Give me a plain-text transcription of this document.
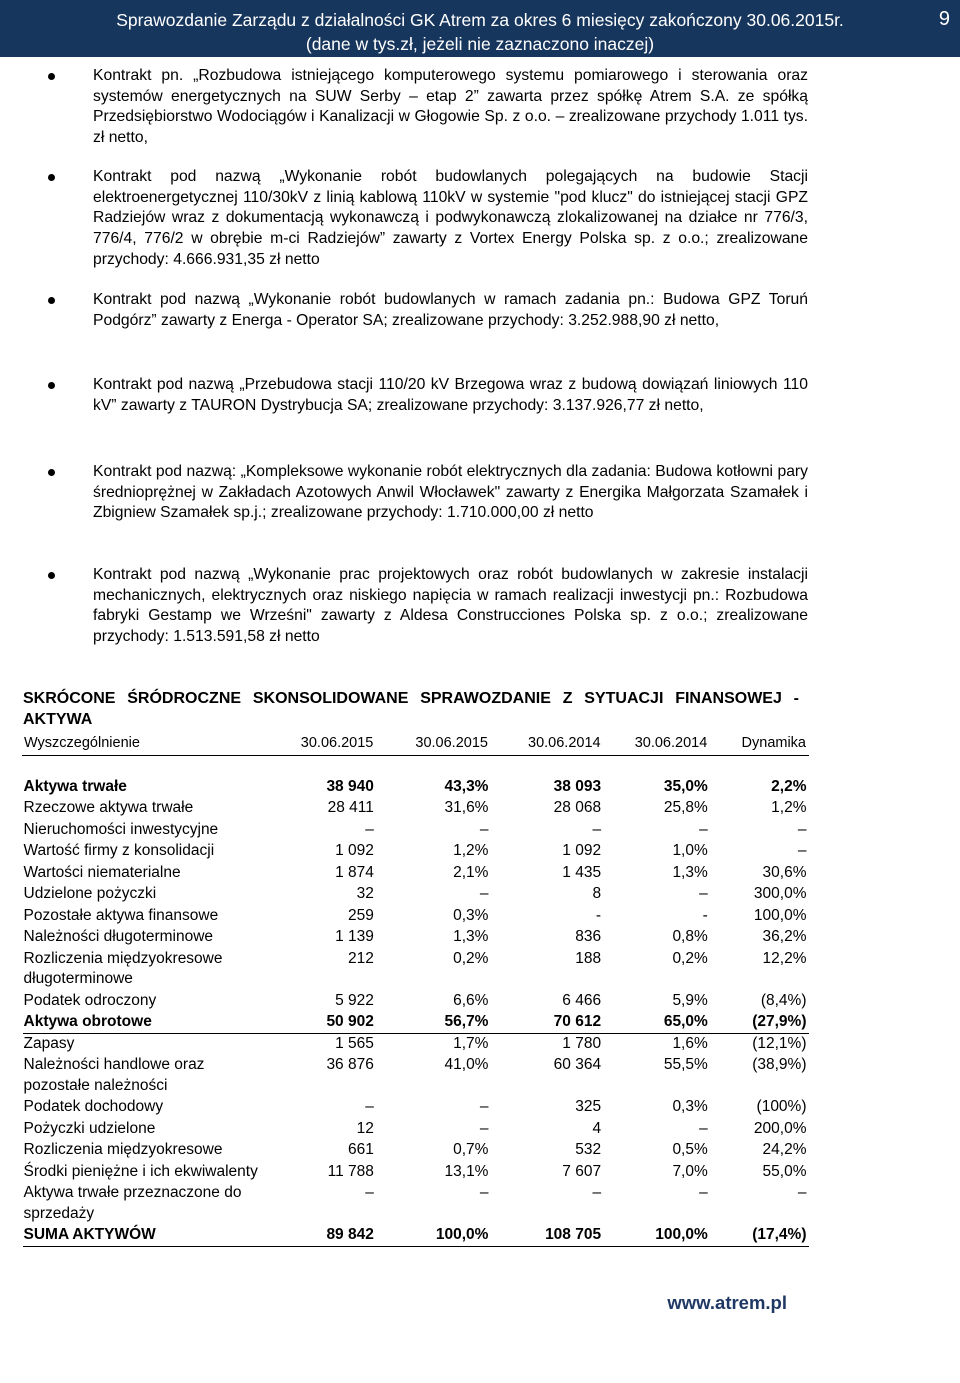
Sprawozdanie Zarządu z działalności GK Atrem za okres 6 miesięcy zakończony 30.06.2015r.
(dane w tys.zł, jeżeli nie zaznaczono inaczej)
9
Kontrakt pn. „Rozbudowa istniejącego komputerowego systemu pomiarowego i sterowania oraz systemów energetycznych na SUW Serby – etap 2” zawarta przez spółkę Atrem S.A. ze spółką Przedsiębiorstwo Wodociągów i Kanalizacji w Głogowie Sp. z o.o. – zrealizowane przychody 1.011 tys. zł netto,
Kontrakt pod nazwą „Wykonanie robót budowlanych polegających na budowie Stacji elektroenergetycznej 110/30kV z linią kablową 110kV w systemie "pod klucz" do istniejącej stacji GPZ Radziejów wraz z dokumentacją wykonawczą i podwykonawczą zlokalizowanej na działce nr 776/3, 776/4, 776/2 w obrębie m-ci Radziejów” zawarty z Vortex Energy Polska sp. z o.o.; zrealizowane przychody: 4.666.931,35 zł netto
Kontrakt pod nazwą „Wykonanie robót budowlanych w ramach zadania pn.: Budowa GPZ Toruń Podgórz” zawarty z Energa - Operator SA; zrealizowane przychody: 3.252.988,90 zł netto,
Kontrakt pod nazwą „Przebudowa stacji 110/20 kV Brzegowa wraz z budową dowiązań liniowych 110 kV” zawarty z TAURON Dystrybucja SA; zrealizowane przychody: 3.137.926,77 zł netto,
Kontrakt pod nazwą: „Kompleksowe wykonanie robót elektrycznych dla zadania: Budowa kotłowni pary średnioprężnej w Zakładach Azotowych Anwil Włocławek" zawarty z Energika Małgorzata Szamałek i Zbigniew Szamałek sp.j.; zrealizowane przychody: 1.710.000,00 zł netto
Kontrakt pod nazwą „Wykonanie prac projektowych oraz robót budowlanych w zakresie instalacji mechanicznych, elektrycznych oraz niskiego napięcia w ramach realizacji inwestycji pn.: Rozbudowa fabryki Gestamp we Wrześni" zawarty z Aldesa Construcciones Polska sp. z o.o.; zrealizowane przychody: 1.513.591,58 zł netto
SKRÓCONE ŚRÓDROCZNE SKONSOLIDOWANE SPRAWOZDANIE Z SYTUACJI FINANSOWEJ - AKTYWA
Wyszczególnienie	30.06.2015	30.06.2015	30.06.2014	30.06.2014	Dynamika

Aktywa trwałe	38 940	43,3%	38 093	35,0%	2,2%
Rzeczowe aktywa trwałe	28 411	31,6%	28 068	25,8%	1,2%
Nieruchomości inwestycyjne	–	–	–	–	–
Wartość firmy z konsolidacji	1 092	1,2%	1 092	1,0%	–
Wartości niematerialne	1 874	2,1%	1 435	1,3%	30,6%
Udzielone pożyczki	32	–	8	–	300,0%
Pozostałe aktywa finansowe	259	0,3%	-	-	100,0%
Należności długoterminowe	1 139	1,3%	836	0,8%	36,2%
Rozliczenia międzyokresowe długoterminowe	212	0,2%	188	0,2%	12,2%
Podatek odroczony	5 922	6,6%	6 466	5,9%	(8,4%)
Aktywa obrotowe	50 902	56,7%	70 612	65,0%	(27,9%)
Zapasy	1 565	1,7%	1 780	1,6%	(12,1%)
Należności handlowe oraz pozostałe należności	36 876	41,0%	60 364	55,5%	(38,9%)
Podatek dochodowy	–	–	325	0,3%	(100%)
Pożyczki udzielone	12	–	4	–	200,0%
Rozliczenia międzyokresowe	661	0,7%	532	0,5%	24,2%
Środki pieniężne i ich ekwiwalenty	11 788	13,1%	7 607	7,0%	55,0%
Aktywa trwałe przeznaczone do sprzedaży	–	–	–	–	–
SUMA AKTYWÓW	89 842	100,0%	108 705	100,0%	(17,4%)
www.atrem.pl
